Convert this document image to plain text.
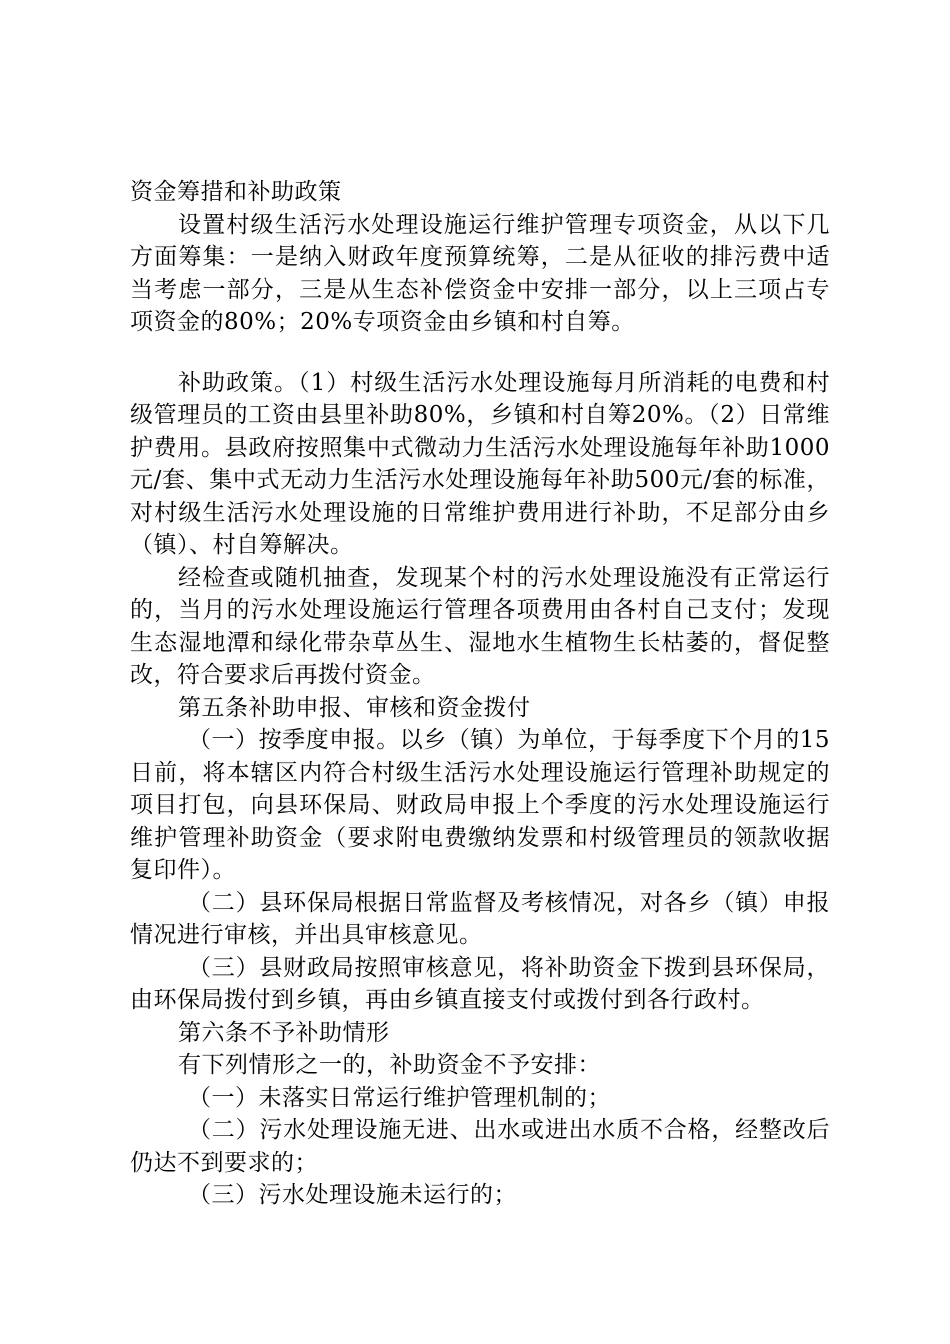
资金筹措和补助政策

设置村级生活污水处理设施运行维护管理专项资金，从以下几方面筹集：一是纳入财政年度预算统筹，二是从征收的排污费中适当考虑一部分，三是从生态补偿资金中安排一部分，以上三项占专项资金的80%；20%专项资金由乡镇和村自筹。

补助政策。（1）村级生活污水处理设施每月所消耗的电费和村级管理员的工资由县里补助80%，乡镇和村自筹20%。（2）日常维护费用。县政府按照集中式微动力生活污水处理设施每年补助1000元/套、集中式无动力生活污水处理设施每年补助500元/套的标准，对村级生活污水处理设施的日常维护费用进行补助，不足部分由乡（镇）、村自筹解决。

经检查或随机抽查，发现某个村的污水处理设施没有正常运行的，当月的污水处理设施运行管理各项费用由各村自己支付；发现生态湿地潭和绿化带杂草丛生、湿地水生植物生长枯萎的，督促整改，符合要求后再拨付资金。

第五条补助申报、审核和资金拨付

（一）按季度申报。以乡（镇）为单位，于每季度下个月的15日前，将本辖区内符合村级生活污水处理设施运行管理补助规定的项目打包，向县环保局、财政局申报上个季度的污水处理设施运行维护管理补助资金（要求附电费缴纳发票和村级管理员的领款收据复印件）。

（二）县环保局根据日常监督及考核情况，对各乡（镇）申报情况进行审核，并出具审核意见。

（三）县财政局按照审核意见，将补助资金下拨到县环保局，由环保局拨付到乡镇，再由乡镇直接支付或拨付到各行政村。

第六条不予补助情形

有下列情形之一的，补助资金不予安排：

（一）未落实日常运行维护管理机制的；

（二）污水处理设施无进、出水或进出水质不合格，经整改后仍达不到要求的；

（三）污水处理设施未运行的；
